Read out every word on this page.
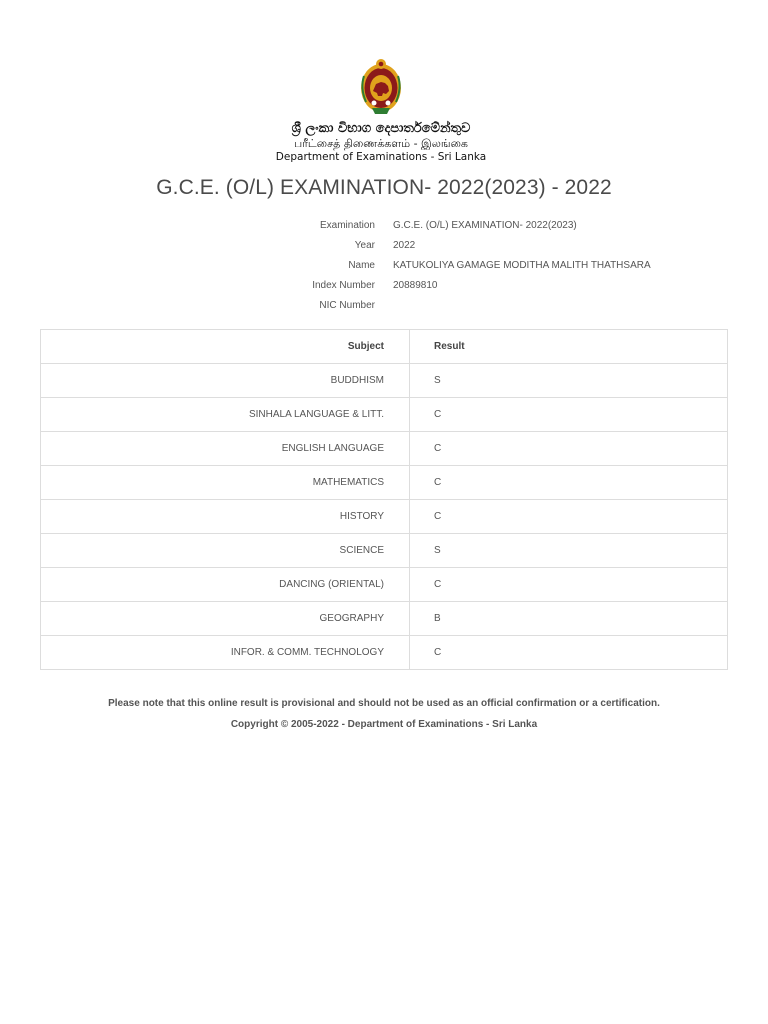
ශ්‍රී ලංකා විභාග දෙපාර්තමේන්තුව
பரீட்சைத் திணைக்களம் - இலங்கை
Department of Examinations - Sri Lanka
G.C.E. (O/L) EXAMINATION- 2022(2023) - 2022
Examination G.C.E. (O/L) EXAMINATION- 2022(2023)
Year 2022
Name KATUKOLIYA GAMAGE MODITHA MALITH THATHSARA
Index Number 20889810
NIC Number
Subject	Result
BUDDHISM	S
SINHALA LANGUAGE & LITT.	C
ENGLISH LANGUAGE	C
MATHEMATICS	C
HISTORY	C
SCIENCE	S
DANCING (ORIENTAL)	C
GEOGRAPHY	B
INFOR. & COMM. TECHNOLOGY	C
Please note that this online result is provisional and should not be used as an official confirmation or a certification.
Copyright © 2005-2022 - Department of Examinations - Sri Lanka
